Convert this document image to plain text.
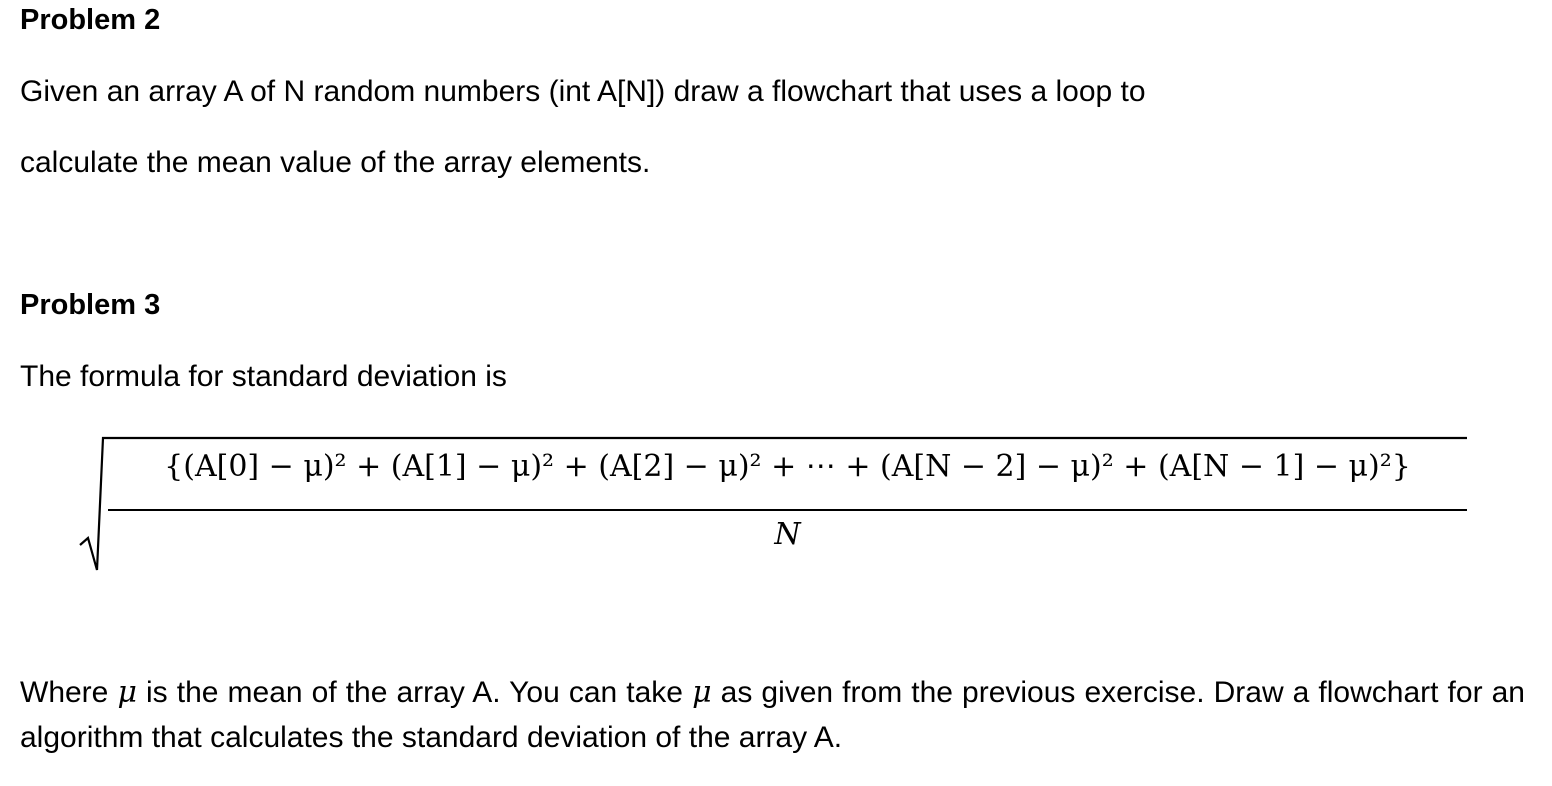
Problem 2
Given an array A of N random numbers (int A[N]) draw a flowchart that uses a loop to
calculate the mean value of the array elements.
Problem 3
The formula for standard deviation is
{(A[0] − μ)² + (A[1] − μ)² + (A[2] − μ)² + ⋯ + (A[N − 2] − μ)² + (A[N − 1] − μ)²}
N
Where μ is the mean of the array A. You can take μ as given from the previous exercise. Draw a flowchart for an algorithm that calculates the standard deviation of the array A.
